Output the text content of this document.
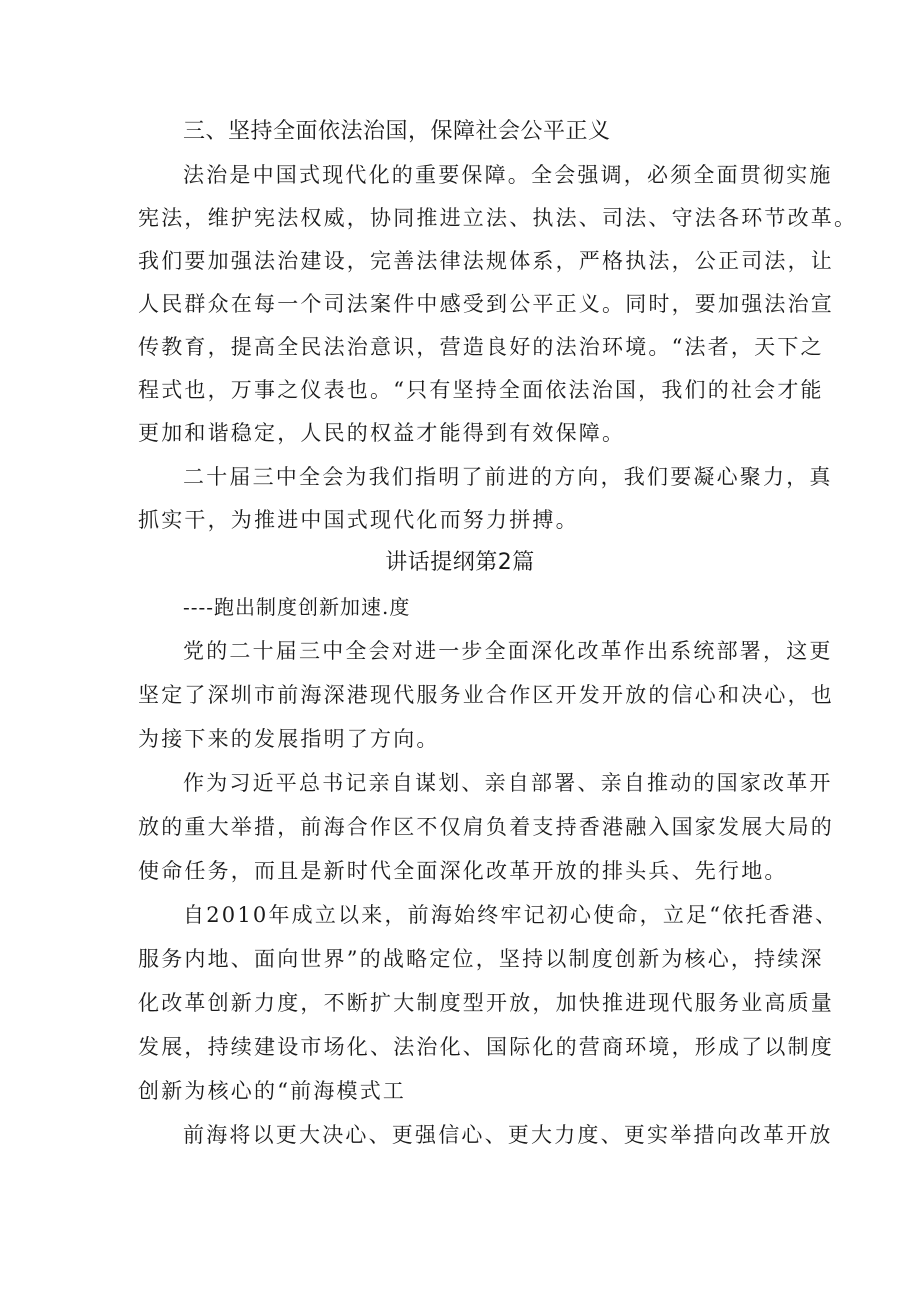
三、坚持全面依法治国，保障社会公平正义
法治是中国式现代化的重要保障。全会强调，必须全面贯彻实施
宪法，维护宪法权威，协同推进立法、执法、司法、守法各环节改革。
我们要加强法治建设，完善法律法规体系，严格执法，公正司法，让
人民群众在每一个司法案件中感受到公平正义。同时，要加强法治宣
传教育，提高全民法治意识，营造良好的法治环境。“法者，天下之
程式也，万事之仪表也。“只有坚持全面依法治国，我们的社会才能
更加和谐稳定，人民的权益才能得到有效保障。
二十届三中全会为我们指明了前进的方向，我们要凝心聚力，真
抓实干，为推进中国式现代化而努力拼搏。
讲话提纲第2篇
----跑出制度创新加速.度
党的二十届三中全会对进一步全面深化改革作出系统部署，这更
坚定了深圳市前海深港现代服务业合作区开发开放的信心和决心，也
为接下来的发展指明了方向。
作为习近平总书记亲自谋划、亲自部署、亲自推动的国家改革开
放的重大举措，前海合作区不仅肩负着支持香港融入国家发展大局的
使命任务，而且是新时代全面深化改革开放的排头兵、先行地。
自2010年成立以来，前海始终牢记初心使命，立足“依托香港、
服务内地、面向世界”的战略定位，坚持以制度创新为核心，持续深
化改革创新力度，不断扩大制度型开放，加快推进现代服务业高质量
发展，持续建设市场化、法治化、国际化的营商环境，形成了以制度
创新为核心的“前海模式工
前海将以更大决心、更强信心、更大力度、更实举措向改革开放
